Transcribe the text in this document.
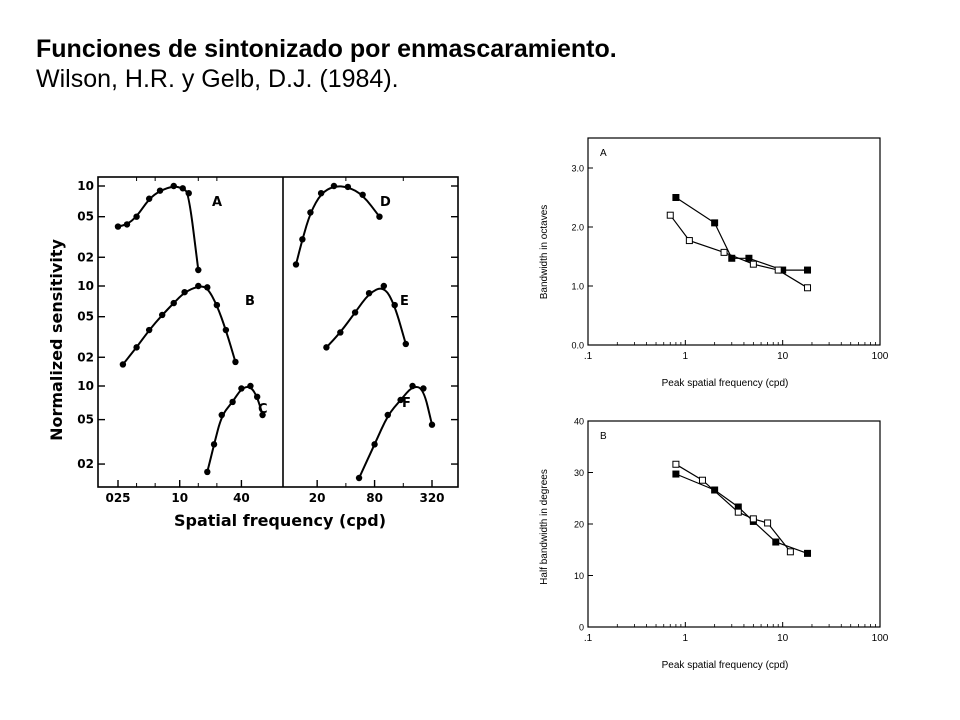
Funciones de sintonizado por enmascaramiento.
Wilson, H.R. y Gelb, D.J. (1984).
10
05
02
10
05
02
10
05
02
025	10	40	20	80	320
A
B
C
D
E
F
Normalized sensitivity
Spatial frequency (cpd)
A
.1	1	10	100
0.0
1.0
2.0
3.0
Bandwidth in octaves
Peak spatial frequency (cpd)
B
.1	1	10	100
0
10
20
30
40
Half bandwidth in degrees
Peak spatial frequency (cpd)
